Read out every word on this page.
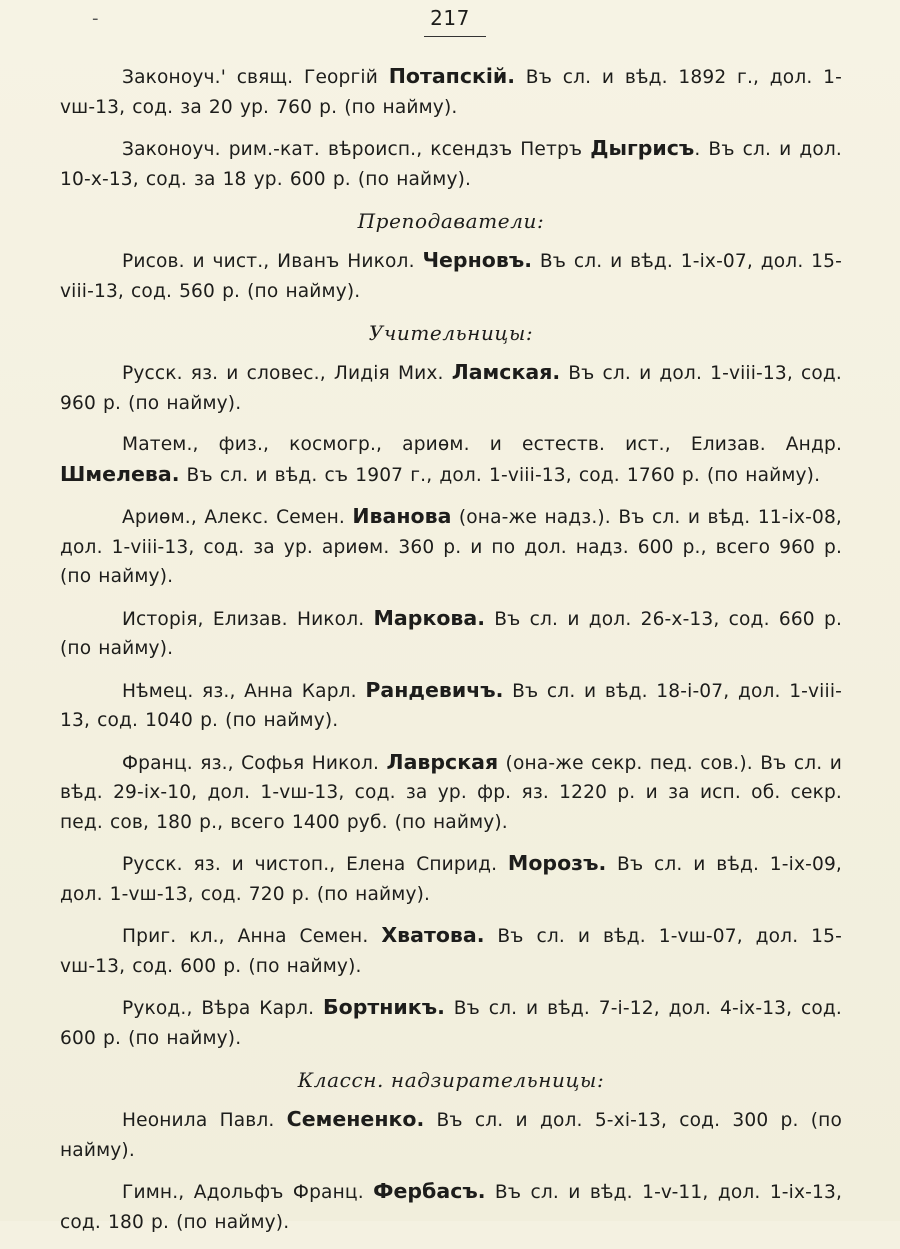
-	217

Законоуч.' свящ. Георгій Потапскій. Въ сл. и вѣд. 1892 г., дол. 1-vш-13, сод. за 20 ур. 760 р. (по найму).

Законоуч. рим.-кат. вѣроисп., ксендзъ Петръ Дыгрисъ. Въ сл. и дол. 10-x-13, сод. за 18 ур. 600 р. (по найму).

Преподаватели:

Рисов. и чист., Иванъ Никол. Черновъ. Въ сл. и вѣд. 1-ix-07, дол. 15-viii-13, сод. 560 р. (по найму).

Учительницы:

Русск. яз. и словес., Лидія Мих. Ламская. Въ сл. и дол. 1-viii-13, сод. 960 р. (по найму).

Матем., физ., космогр., ариѳм. и естеств. ист., Елизав. Андр. Шмелева. Въ сл. и вѣд. съ 1907 г., дол. 1-viii-13, сод. 1760 р. (по найму).

Ариѳм., Алекс. Семен. Иванова (она-же надз.). Въ сл. и вѣд. 11-ix-08, дол. 1-viii-13, сод. за ур. ариѳм. 360 р. и по дол. надз. 600 р., всего 960 р. (по найму).

Исторія, Елизав. Никол. Маркова. Въ сл. и дол. 26-x-13, сод. 660 р. (по найму).

Нѣмец. яз., Анна Карл. Рандевичъ. Въ сл. и вѣд. 18-i-07, дол. 1-viii-13, сод. 1040 р. (по найму).

Франц. яз., Софья Никол. Лаврская (она-же секр. пед. сов.). Въ сл. и вѣд. 29-ix-10, дол. 1-vш-13, сод. за ур. фр. яз. 1220 р. и за исп. об. секр. пед. сов, 180 р., всего 1400 руб. (по найму).

Русск. яз. и чистоп., Елена Спирид. Морозъ. Въ сл. и вѣд. 1-ix-09, дол. 1-vш-13, сод. 720 р. (по найму).

Приг. кл., Анна Семен. Хватова. Въ сл. и вѣд. 1-vш-07, дол. 15-vш-13, сод. 600 р. (по найму).

Рукод., Вѣра Карл. Бортникъ. Въ сл. и вѣд. 7-i-12, дол. 4-ix-13, сод. 600 р. (по найму).

Классн. надзирательницы:

Неонила Павл. Семененко. Въ сл. и дол. 5-xi-13, сод. 300 р. (по найму).

Гимн., Адольфъ Франц. Фербасъ. Въ сл. и вѣд. 1-v-11, дол. 1-ix-13, сод. 180 р. (по найму).
